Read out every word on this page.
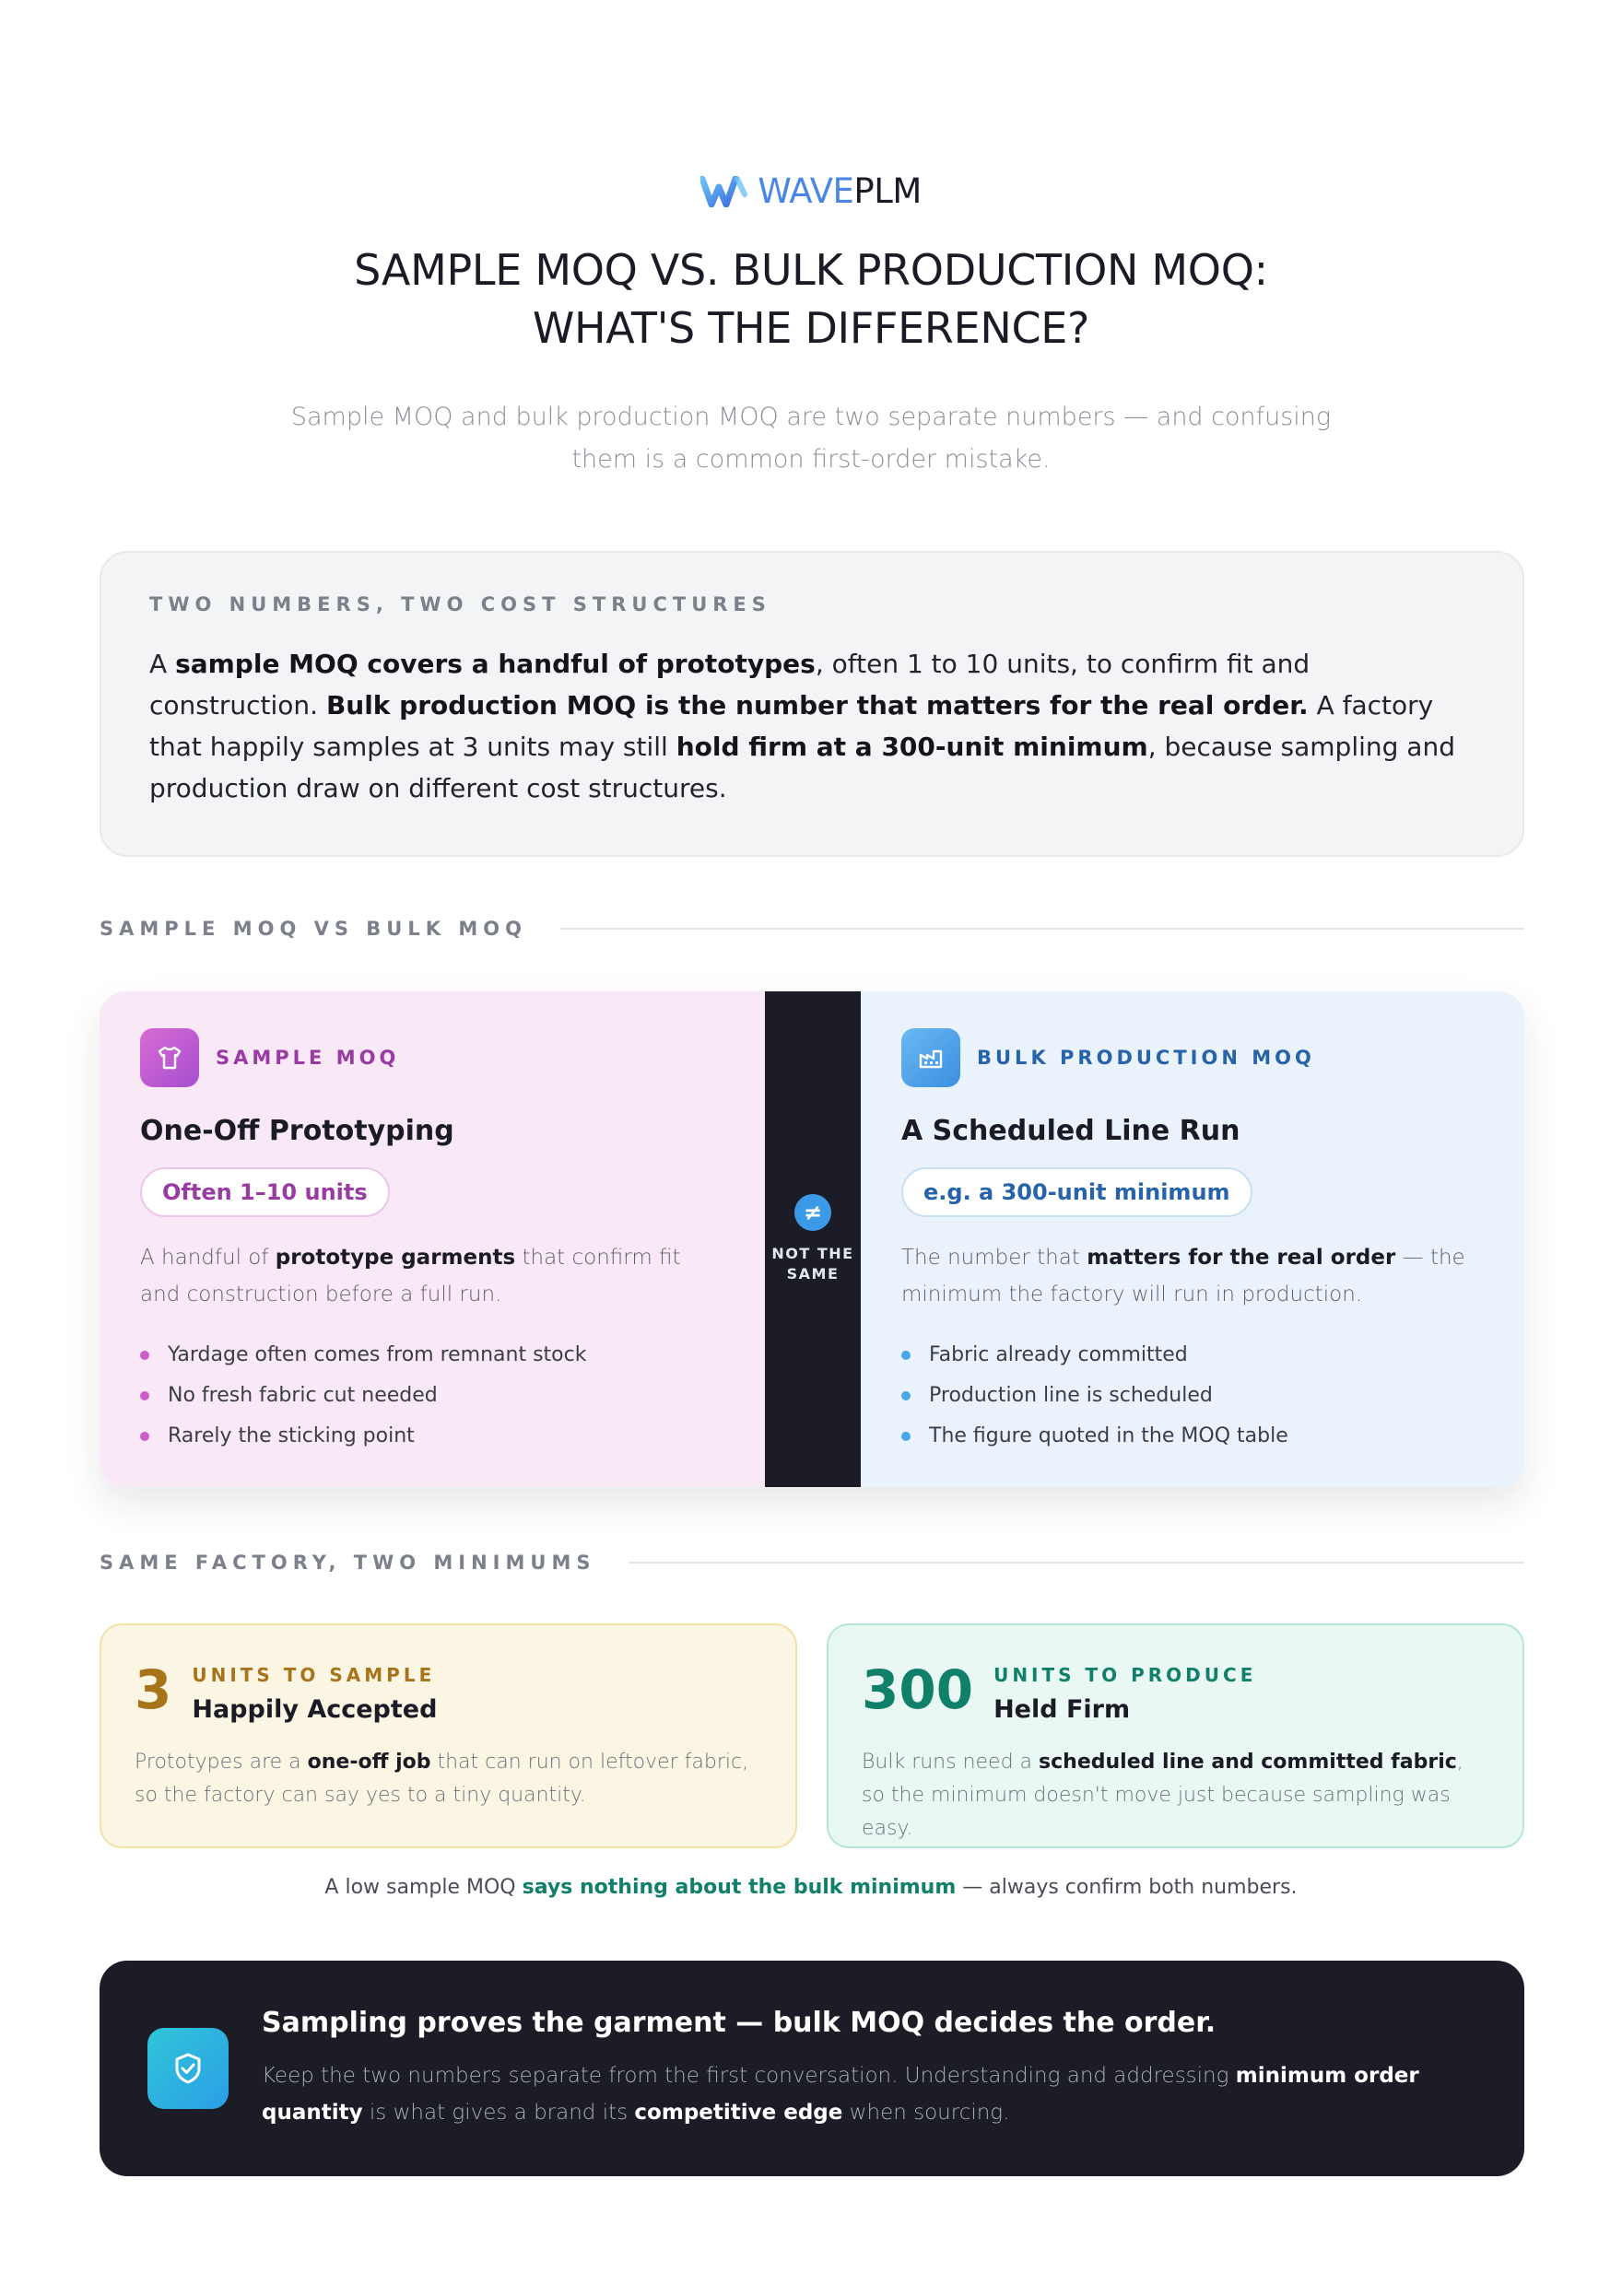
WAVEPLM
SAMPLE MOQ VS. BULK PRODUCTION MOQ:
WHAT'S THE DIFFERENCE?

Sample MOQ and bulk production MOQ are two separate numbers — and confusing them is a common first-order mistake.

TWO NUMBERS, TWO COST STRUCTURES

A sample MOQ covers a handful of prototypes, often 1 to 10 units, to confirm fit and construction. Bulk production MOQ is the number that matters for the real order. A factory that happily samples at 3 units may still hold firm at a 300-unit minimum, because sampling and production draw on different cost structures.

SAMPLE MOQ VS BULK MOQ
SAMPLE MOQ
One-Off Prototyping
Often 1–10 units

A handful of prototype garments that confirm fit and construction before a full run.

Yardage often comes from remnant stock
No fresh fabric cut needed
Rarely the sticking point
≠
NOT THE
SAME
BULK PRODUCTION MOQ
A Scheduled Line Run
e.g. a 300-unit minimum

The number that matters for the real order — the minimum the factory will run in production.

Fabric already committed
Production line is scheduled
The figure quoted in the MOQ table
SAME FACTORY, TWO MINIMUMS
3 UNITS TO SAMPLE
Happily Accepted

Prototypes are a one-off job that can run on leftover fabric, so the factory can say yes to a tiny quantity.

300 UNITS TO PRODUCE
Held Firm

Bulk runs need a scheduled line and committed fabric, so the minimum doesn't move just because sampling was easy.

A low sample MOQ says nothing about the bulk minimum — always confirm both numbers.

Sampling proves the garment — bulk MOQ decides the order.

Keep the two numbers separate from the first conversation. Understanding and addressing minimum order quantity is what gives a brand its competitive edge when sourcing.
